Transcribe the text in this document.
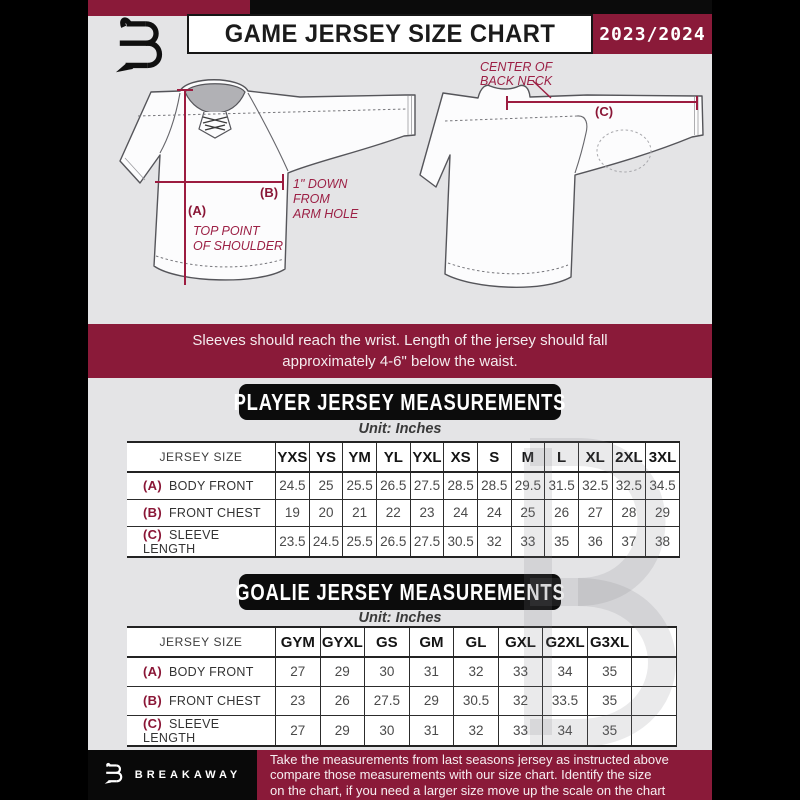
GAME JERSEY SIZE CHART 2023/2024
(B)
1" DOWN
FROM
ARM HOLE
(A)
TOP POINT
OF SHOULDER
CENTER OF
BACK NECK
(C)
Sleeves should reach the wrist. Length of the jersey should fall
approximately 4-6" below the waist.
PLAYER JERSEY MEASUREMENTS
Unit: Inches
JERSEY SIZE	YXS	YS	YM	YL	YXL	XS	S	M	L	XL	2XL	3XL
(A) BODY FRONT	24.5	25	25.5	26.5	27.5	28.5	28.5	29.5	31.5	32.5	32.5	34.5
(B) FRONT CHEST	19	20	21	22	23	24	24	25	26	27	28	29
(C) SLEEVE LENGTH	23.5	24.5	25.5	26.5	27.5	30.5	32	33	35	36	37	38
GOALIE JERSEY MEASUREMENTS
Unit: Inches
JERSEY SIZE	GYM	GYXL	GS	GM	GL	GXL	G2XL	G3XL	
(A) BODY FRONT	27	29	30	31	32	33	34	35	
(B) FRONT CHEST	23	26	27.5	29	30.5	32	33.5	35	
(C) SLEEVE LENGTH	27	29	30	31	32	33	34	35	
BREAKAWAY
Take the measurements from last seasons jersey as instructed above
compare those measurements with our size chart. Identify the size
on the chart, if you need a larger size move up the scale on the chart
